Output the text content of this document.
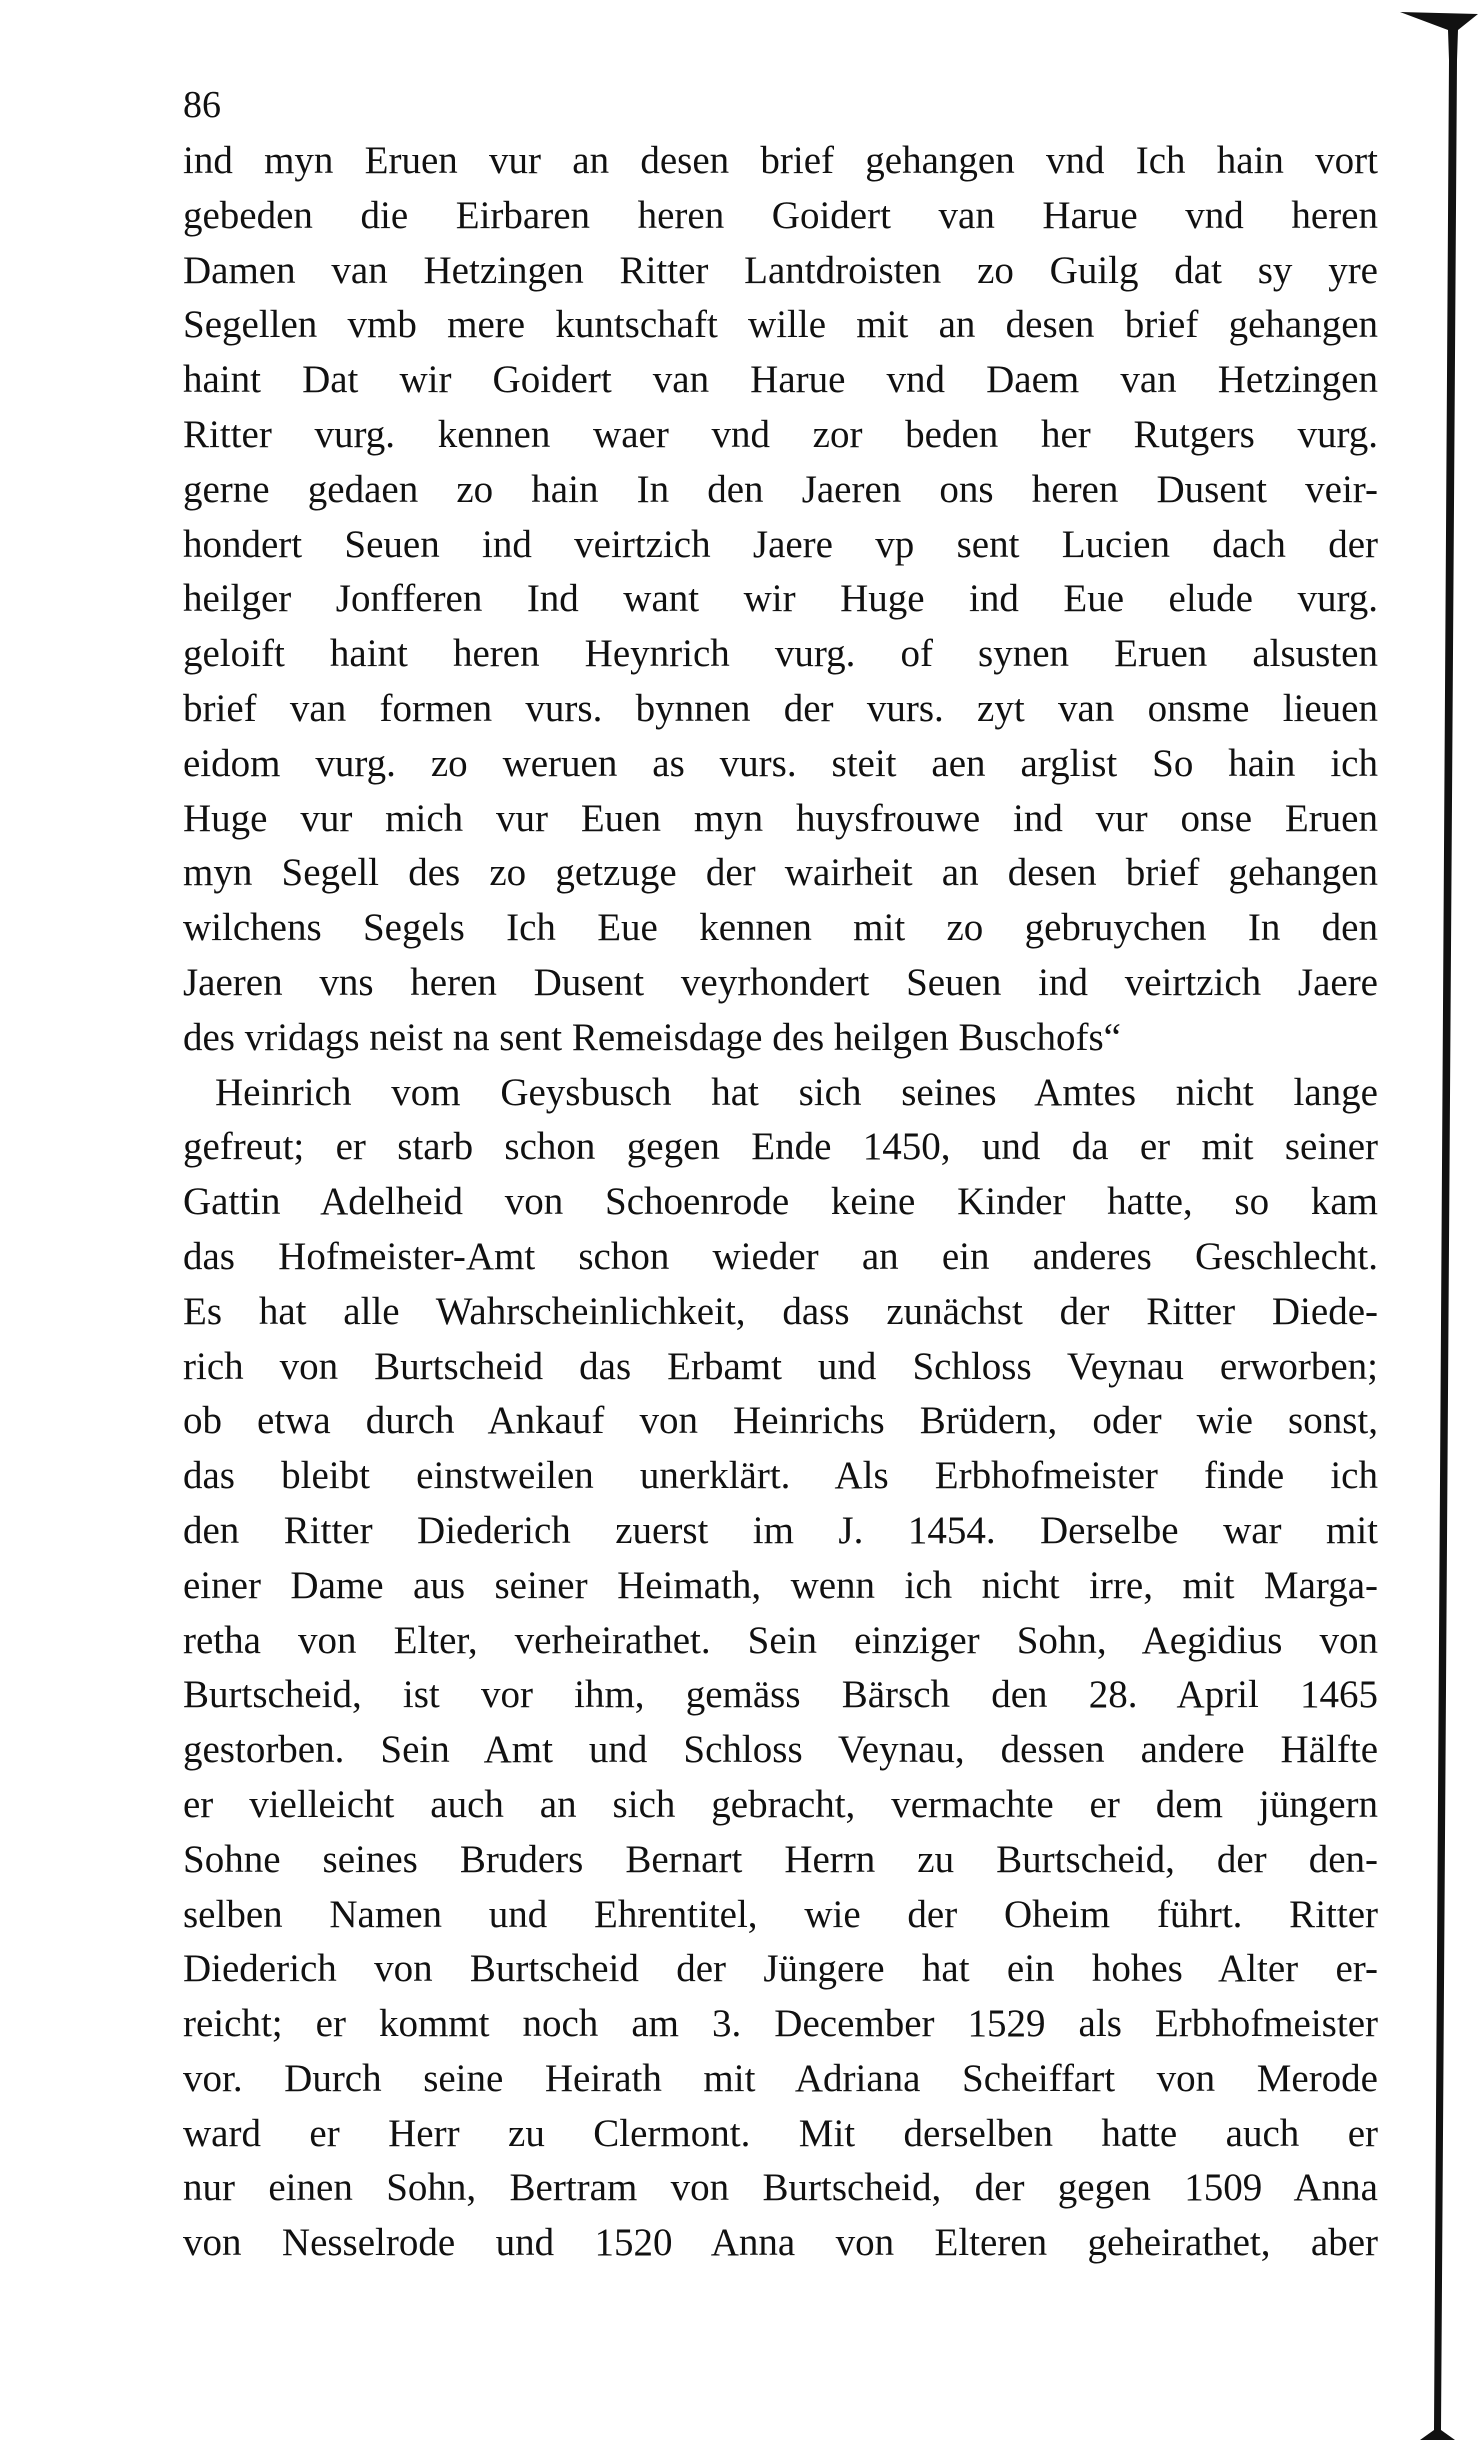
86
ind myn Eruen vur an desen brief gehangen vnd Ich hain vort
gebeden die Eirbaren heren Goidert van Harue vnd heren
Damen van Hetzingen Ritter Lantdroisten zo Guilg dat sy yre
Segellen vmb mere kuntschaft wille mit an desen brief gehangen
haint Dat wir Goidert van Harue vnd Daem van Hetzingen
Ritter vurg. kennen waer vnd zor beden her Rutgers vurg.
gerne gedaen zo hain In den Jaeren ons heren Dusent veir-
hondert Seuen ind veirtzich Jaere vp sent Lucien dach der
heilger Jonfferen Ind want wir Huge ind Eue elude vurg.
geloift haint heren Heynrich vurg. of synen Eruen alsusten
brief van formen vurs. bynnen der vurs. zyt van onsme lieuen
eidom vurg. zo weruen as vurs. steit aen arglist So hain ich
Huge vur mich vur Euen myn huysfrouwe ind vur onse Eruen
myn Segell des zo getzuge der wairheit an desen brief gehangen
wilchens Segels Ich Eue kennen mit zo gebruychen In den
Jaeren vns heren Dusent veyrhondert Seuen ind veirtzich Jaere
des vridags neist na sent Remeisdage des heilgen Buschofs“
Heinrich vom Geysbusch hat sich seines Amtes nicht lange
gefreut; er starb schon gegen Ende 1450, und da er mit seiner
Gattin Adelheid von Schoenrode keine Kinder hatte, so kam
das Hofmeister-Amt schon wieder an ein anderes Geschlecht.
Es hat alle Wahrscheinlichkeit, dass zunächst der Ritter Diede-
rich von Burtscheid das Erbamt und Schloss Veynau erworben;
ob etwa durch Ankauf von Heinrichs Brüdern, oder wie sonst,
das bleibt einstweilen unerklärt. Als Erbhofmeister finde ich
den Ritter Diederich zuerst im J. 1454. Derselbe war mit
einer Dame aus seiner Heimath, wenn ich nicht irre, mit Marga-
retha von Elter, verheirathet. Sein einziger Sohn, Aegidius von
Burtscheid, ist vor ihm, gemäss Bärsch den 28. April 1465
gestorben. Sein Amt und Schloss Veynau, dessen andere Hälfte
er vielleicht auch an sich gebracht, vermachte er dem jüngern
Sohne seines Bruders Bernart Herrn zu Burtscheid, der den-
selben Namen und Ehrentitel, wie der Oheim führt. Ritter
Diederich von Burtscheid der Jüngere hat ein hohes Alter er-
reicht; er kommt noch am 3. December 1529 als Erbhofmeister
vor. Durch seine Heirath mit Adriana Scheiffart von Merode
ward er Herr zu Clermont. Mit derselben hatte auch er
nur einen Sohn, Bertram von Burtscheid, der gegen 1509 Anna
von Nesselrode und 1520 Anna von Elteren geheirathet, aber
